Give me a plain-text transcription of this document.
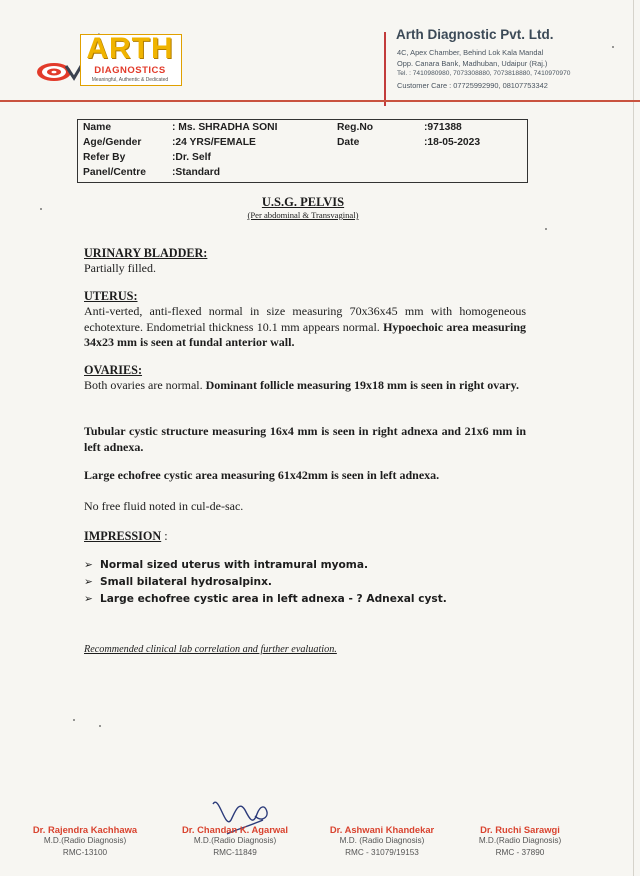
ARTH
DIAGNOSTICS
Meaningful, Authentic & Dedicated
Arth Diagnostic Pvt. Ltd.
4C, Apex Chamber, Behind Lok Kala Mandal
Opp. Canara Bank, Madhuban, Udaipur (Raj.)
Tel. : 7410980980, 7073308880, 7073818880, 7410970970
Customer Care : 07725992990, 08107753342
Name	: Ms. SHRADHA SONI
Age/Gender	:24 YRS/FEMALE
Refer By	:Dr. Self
Panel/Centre	:Standard
Reg.No	:971388
Date	:18-05-2023
U.S.G. PELVIS
(Per abdominal & Transvaginal)
URINARY BLADDER:
Partially filled.
UTERUS:
Anti-verted, anti-flexed normal in size measuring 70x36x45 mm with homogeneous echotexture. Endometrial thickness 10.1 mm appears normal. Hypoechoic area measuring 34x23 mm is seen at fundal anterior wall.
OVARIES:
Both ovaries are normal. Dominant follicle measuring 19x18 mm is seen in right ovary.
Tubular cystic structure measuring 16x4 mm is seen in right adnexa and 21x6 mm in left adnexa.
Large echofree cystic area measuring 61x42mm is seen in left adnexa.
No free fluid noted in cul-de-sac.
IMPRESSION :
➢ Normal sized uterus with intramural myoma.
➢ Small bilateral hydrosalpinx.
➢ Large echofree cystic area in left adnexa - ? Adnexal cyst.
Recommended clinical lab correlation and further evaluation.
Dr. Rajendra Kachhawa
M.D.(Radio Diagnosis)
RMC-13100
Dr. Chandan K. Agarwal
M.D.(Radio Diagnosis)
RMC-11849
Dr. Ashwani Khandekar
M.D. (Radio Diagnosis)
RMC - 31079/19153
Dr. Ruchi Sarawgi
M.D.(Radio Diagnosis)
RMC - 37890
